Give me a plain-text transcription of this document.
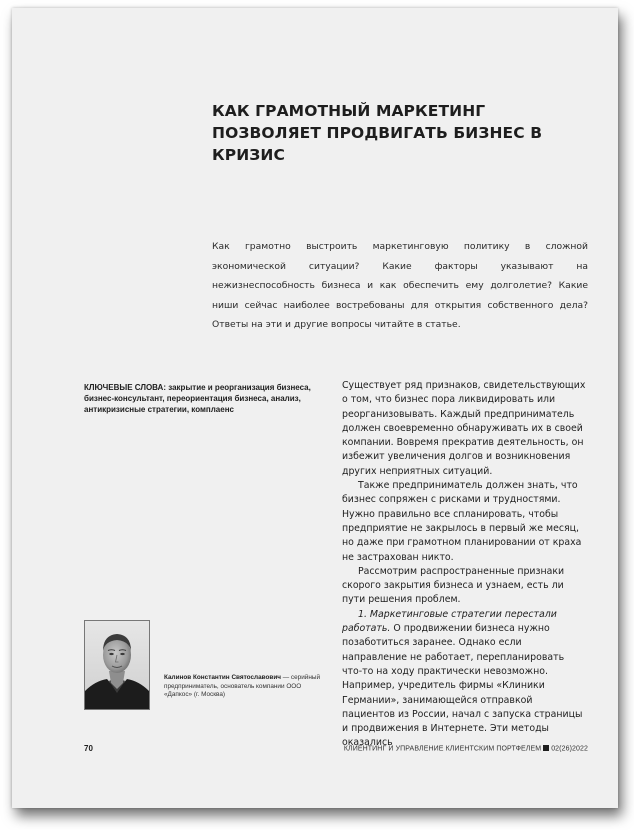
КАК ГРАМОТНЫЙ МАРКЕТИНГ ПОЗВОЛЯЕТ ПРОДВИГАТЬ БИЗНЕС В КРИЗИС

Как грамотно выстроить маркетинговую политику в сложной экономической ситуации? Какие факторы указывают на нежизнеспособность бизнеса и как обеспечить ему долголетие? Какие ниши сейчас наиболее востребованы для открытия собственного дела? Ответы на эти и другие вопросы читайте в статье.

КЛЮЧЕВЫЕ СЛОВА: закрытие и реорганизация бизнеса, бизнес-консультант, переориентация бизнеса, анализ, антикризисные стратегии, комплаенс

Существует ряд признаков, свидетельствующих о том, что бизнес пора ликвидировать или реорганизовывать. Каждый предприниматель должен своевременно обнаруживать их в своей компании. Вовремя прекратив деятельность, он избежит увеличения долгов и возникновения других неприятных ситуаций.

Также предприниматель должен знать, что бизнес сопряжен с рисками и трудностями. Нужно правильно все спланировать, чтобы предприятие не закрылось в первый же месяц, но даже при грамотном планировании от краха не застрахован никто.

Рассмотрим распространенные признаки скорого закрытия бизнеса и узнаем, есть ли пути решения проблем.

1. Маркетинговые стратегии перестали работать. О продвижении бизнеса нужно позаботиться заранее. Однако если направление не работает, перепланировать что-то на ходу практически невозможно. Например, учредитель фирмы «Клиники Германии», занимающейся отправкой пациентов из России, начал с запуска страницы и продвижения в Интернете. Эти методы оказались

Калинов Константин Святославович — серийный предприниматель, основатель компании ООО «Дапкос» (г. Москва)

70	КЛИЕНТИНГ И УПРАВЛЕНИЕ КЛИЕНТСКИМ ПОРТФЕЛЕМ 02(26)2022
